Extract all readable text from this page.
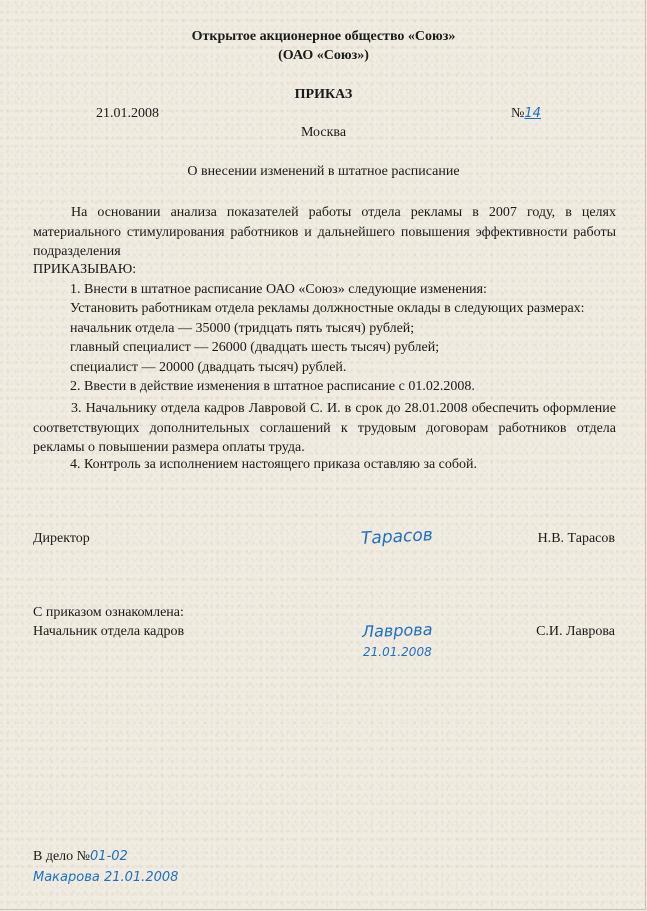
Открытое акционерное общество «Союз»
(ОАО «Союз»)
ПРИКАЗ
21.01.2008	№14
Москва
О внесении изменений в штатное расписание
На основании анализа показателей работы отдела рекламы в 2007 году, в целях материального стимулирования работников и дальнейшего повышения эффективности работы подразделения
ПРИКАЗЫВАЮ:
1. Внести в штатное расписание ОАО «Союз» следующие изменения:
Установить работникам отдела рекламы должностные оклады в следующих размерах:
начальник отдела — 35000 (тридцать пять тысяч) рублей;
главный специалист — 26000 (двадцать шесть тысяч) рублей;
специалист — 20000 (двадцать тысяч) рублей.
2. Ввести в действие изменения в штатное расписание с 01.02.2008.
3. Начальнику отдела кадров Лавровой С. И. в срок до 28.01.2008 обеспечить оформление соответствующих дополнительных соглашений к трудовым договорам работников отдела рекламы о повышении размера оплаты труда.
4. Контроль за исполнением настоящего приказа оставляю за собой.
Директор	Тарасов	Н.В. Тарасов
С приказом ознакомлена:
Начальник отдела кадров	Лаврова	С.И. Лаврова
21.01.2008
В дело №01-02
Макарова 21.01.2008
